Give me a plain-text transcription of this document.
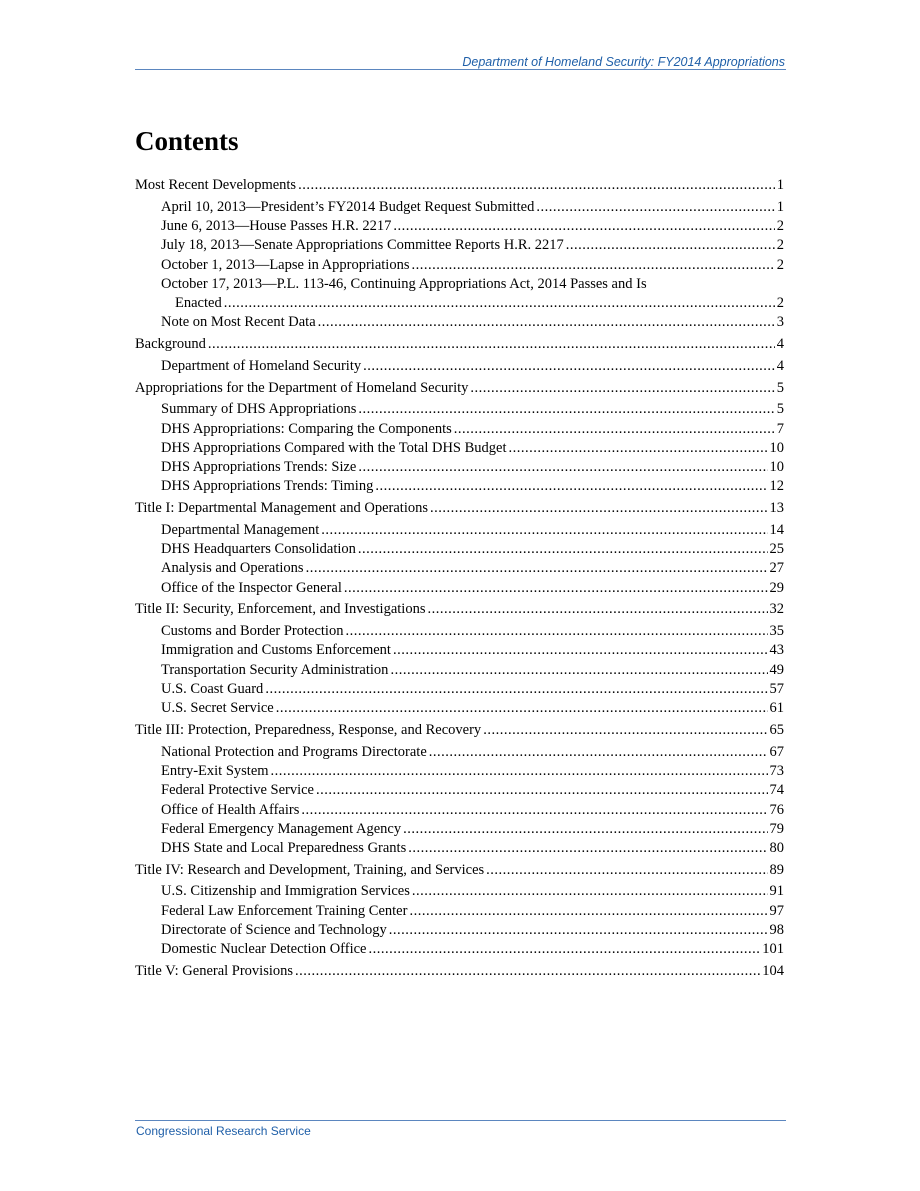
Department of Homeland Security: FY2014 Appropriations
Contents
Most Recent Developments .....	1
April 10, 2013—President’s FY2014 Budget Request Submitted .....	1
June 6, 2013—House Passes H.R. 2217 .....	2
July 18, 2013—Senate Appropriations Committee Reports H.R. 2217 .....	2
October 1, 2013—Lapse in Appropriations .....	2
October 17, 2013—P.L. 113-46, Continuing Appropriations Act, 2014 Passes and Is
Enacted .....	2
Note on Most Recent Data .....	3
Background .....	4
Department of Homeland Security .....	4
Appropriations for the Department of Homeland Security .....	5
Summary of DHS Appropriations .....	5
DHS Appropriations: Comparing the Components .....	7
DHS Appropriations Compared with the Total DHS Budget .....	10
DHS Appropriations Trends: Size .....	10
DHS Appropriations Trends: Timing .....	12
Title I: Departmental Management and Operations .....	13
Departmental Management .....	14
DHS Headquarters Consolidation .....	25
Analysis and Operations .....	27
Office of the Inspector General .....	29
Title II: Security, Enforcement, and Investigations .....	32
Customs and Border Protection .....	35
Immigration and Customs Enforcement .....	43
Transportation Security Administration .....	49
U.S. Coast Guard .....	57
U.S. Secret Service .....	61
Title III: Protection, Preparedness, Response, and Recovery .....	65
National Protection and Programs Directorate .....	67
Entry-Exit System .....	73
Federal Protective Service .....	74
Office of Health Affairs .....	76
Federal Emergency Management Agency .....	79
DHS State and Local Preparedness Grants .....	80
Title IV: Research and Development, Training, and Services .....	89
U.S. Citizenship and Immigration Services .....	91
Federal Law Enforcement Training Center .....	97
Directorate of Science and Technology .....	98
Domestic Nuclear Detection Office .....	101
Title V: General Provisions .....	104
Congressional Research Service
